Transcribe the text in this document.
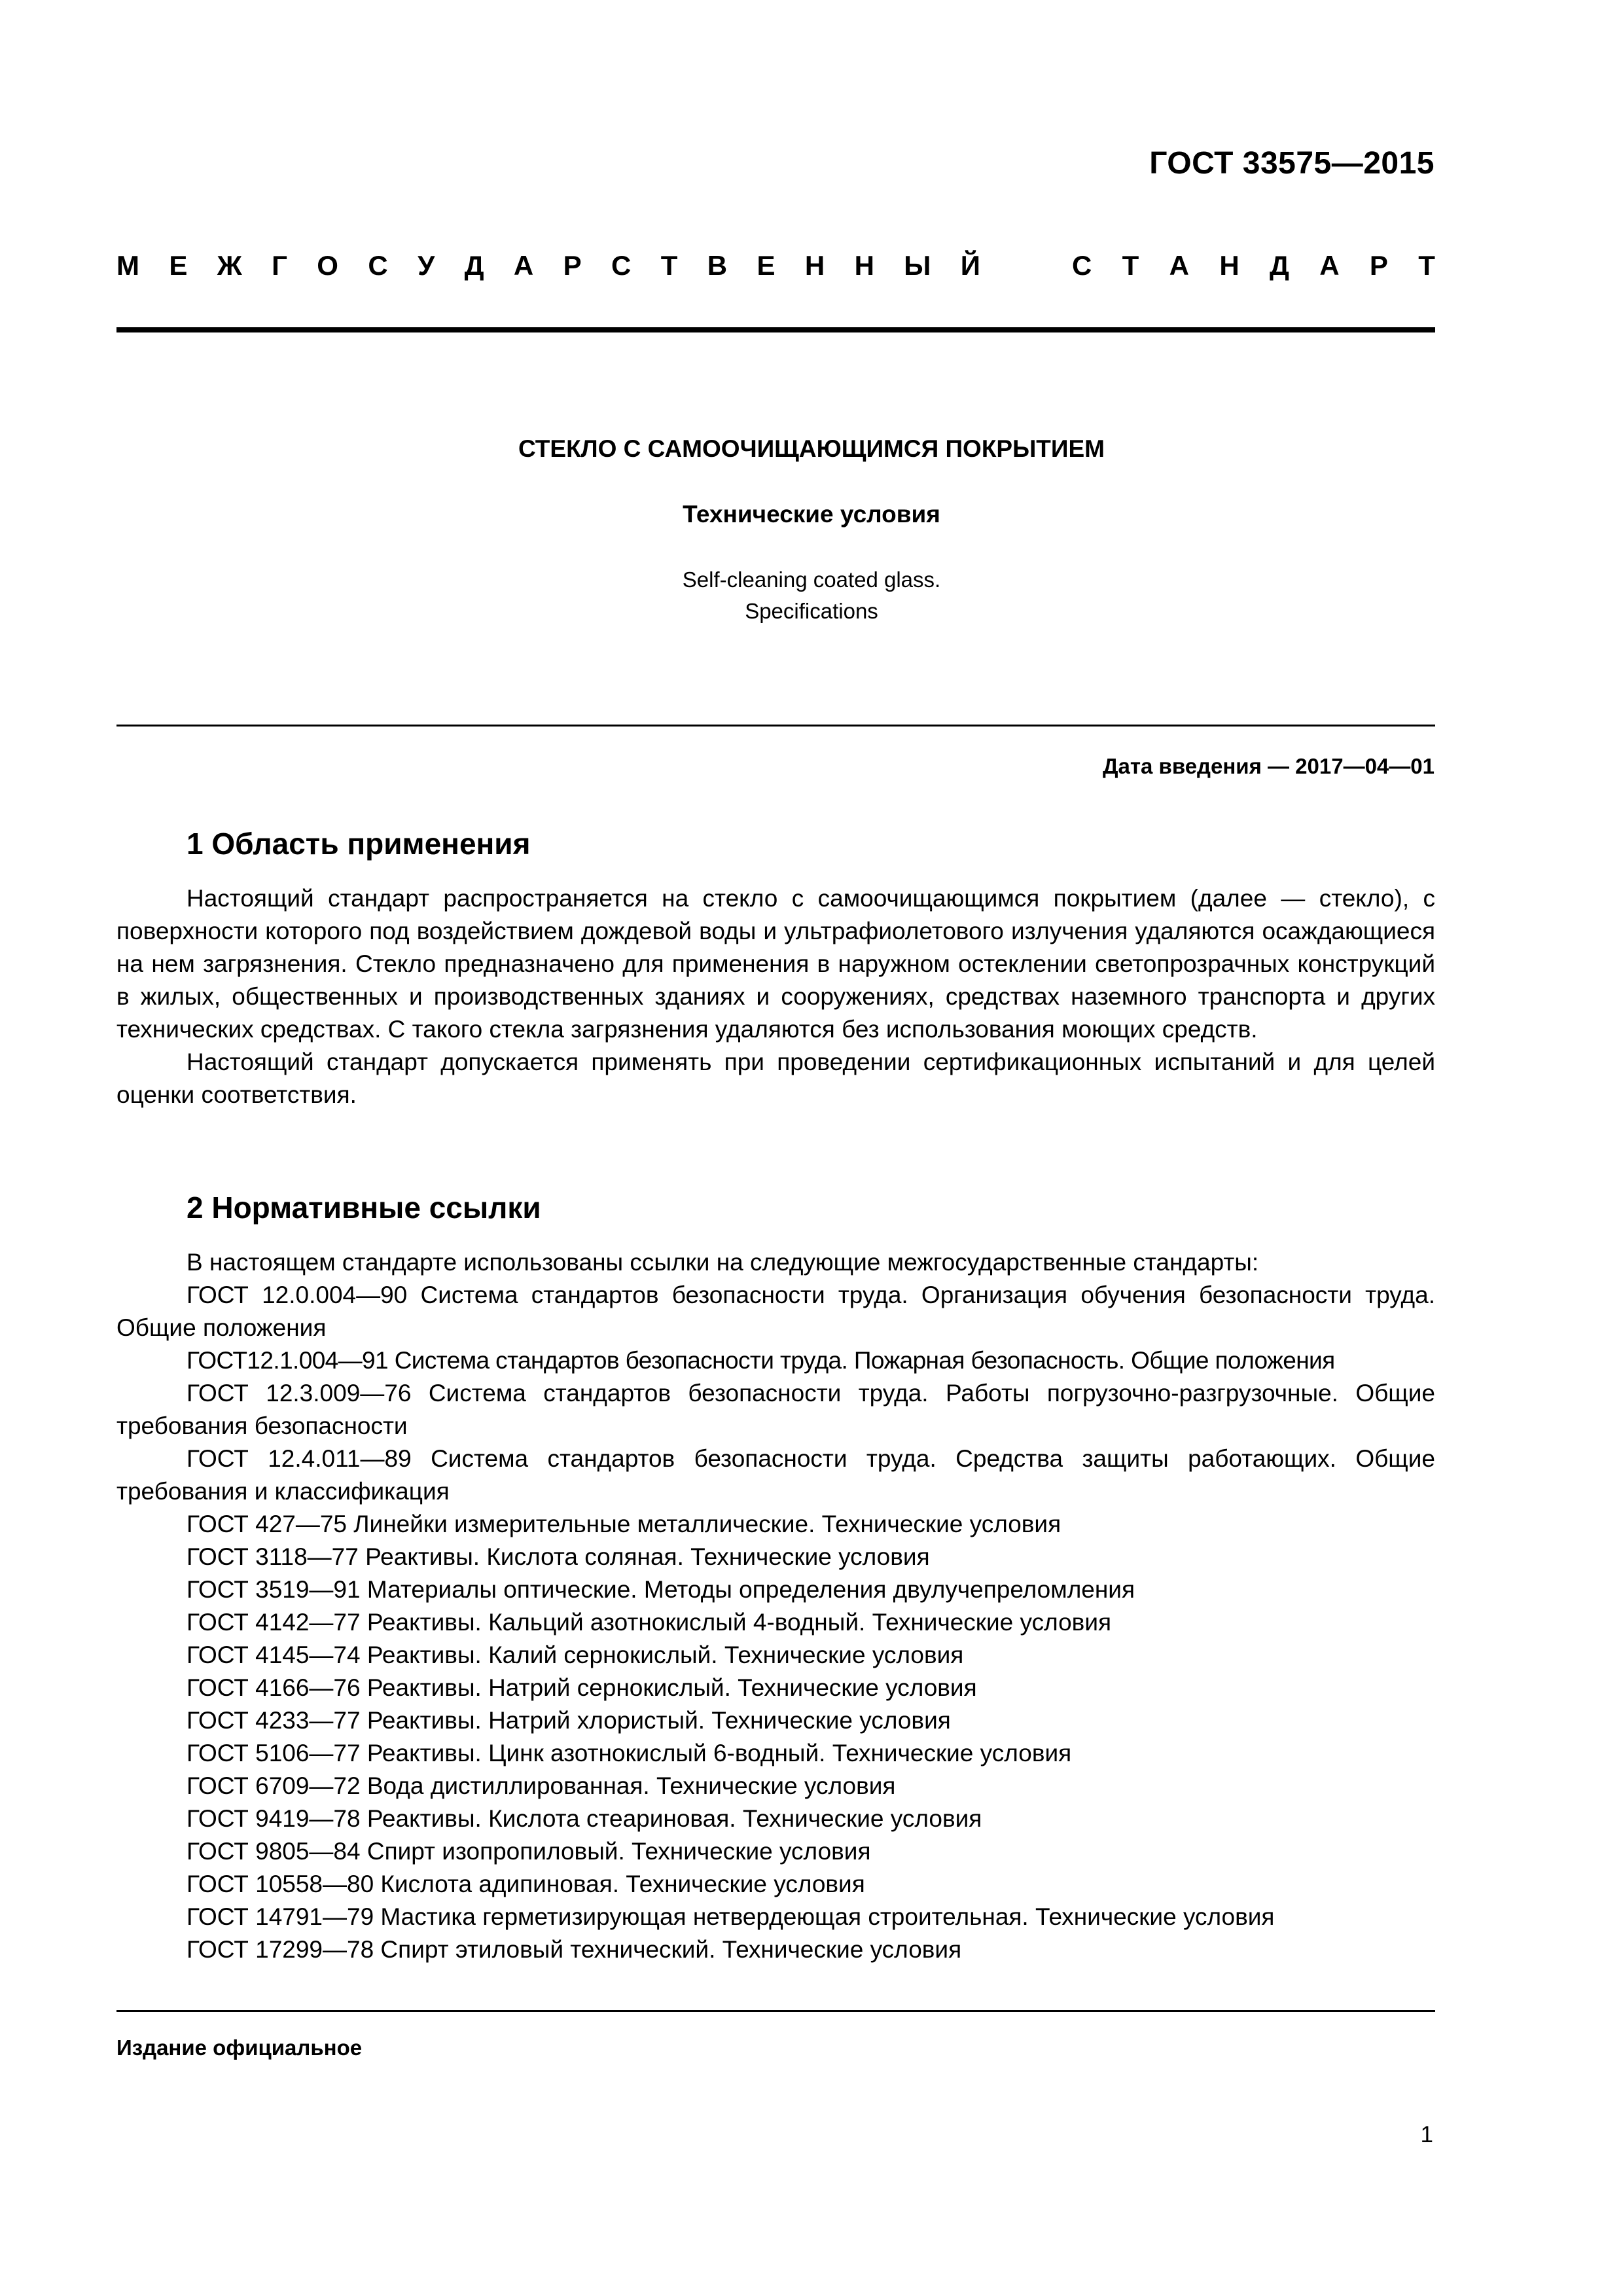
ГОСТ 33575—2015
М Е Ж Г О С У Д А Р С Т В Е Н Н Ы Й	С Т А Н Д А Р Т
СТЕКЛО С САМООЧИЩАЮЩИМСЯ ПОКРЫТИЕМ
Технические условия
Self-cleaning coated glass.
Specifications
Дата введения — 2017—04—01
1 Область применения

Настоящий стандарт распространяется на стекло с самоочищающимся покрытием (далее — стекло), с поверхности которого под воздействием дождевой воды и ультрафиолетового излучения удаляются осаждающиеся на нем загрязнения. Стекло предназначено для применения в наружном остеклении светопрозрачных конструкций в жилых, общественных и производственных зданиях и сооружениях, средствах наземного транспорта и других технических средствах. С такого стекла загрязнения удаляются без использования моющих средств.

Настоящий стандарт допускается применять при проведении сертификационных испытаний и для целей оценки соответствия.

2 Нормативные ссылки

В настоящем стандарте использованы ссылки на следующие межгосударственные стандарты:

ГОСТ 12.0.004—90 Система стандартов безопасности труда. Организация обучения безопасности труда. Общие положения

ГОСТ12.1.004—91 Система стандартов безопасности труда. Пожарная безопасность. Общие положения

ГОСТ 12.3.009—76 Система стандартов безопасности труда. Работы погрузочно-разгрузочные. Общие требования безопасности

ГОСТ 12.4.011—89 Система стандартов безопасности труда. Средства защиты работающих. Общие требования и классификация

ГОСТ 427—75 Линейки измерительные металлические. Технические условия

ГОСТ 3118—77 Реактивы. Кислота соляная. Технические условия

ГОСТ 3519—91 Материалы оптические. Методы определения двулучепреломления

ГОСТ 4142—77 Реактивы. Кальций азотнокислый 4-водный. Технические условия

ГОСТ 4145—74 Реактивы. Калий сернокислый. Технические условия

ГОСТ 4166—76 Реактивы. Натрий сернокислый. Технические условия

ГОСТ 4233—77 Реактивы. Натрий хлористый. Технические условия

ГОСТ 5106—77 Реактивы. Цинк азотнокислый 6-водный. Технические условия

ГОСТ 6709—72 Вода дистиллированная. Технические условия

ГОСТ 9419—78 Реактивы. Кислота стеариновая. Технические условия

ГОСТ 9805—84 Спирт изопропиловый. Технические условия

ГОСТ 10558—80 Кислота адипиновая. Технические условия

ГОСТ 14791—79 Мастика герметизирующая нетвердеющая строительная. Технические условия

ГОСТ 17299—78 Спирт этиловый технический. Технические условия

Издание официальное
1
